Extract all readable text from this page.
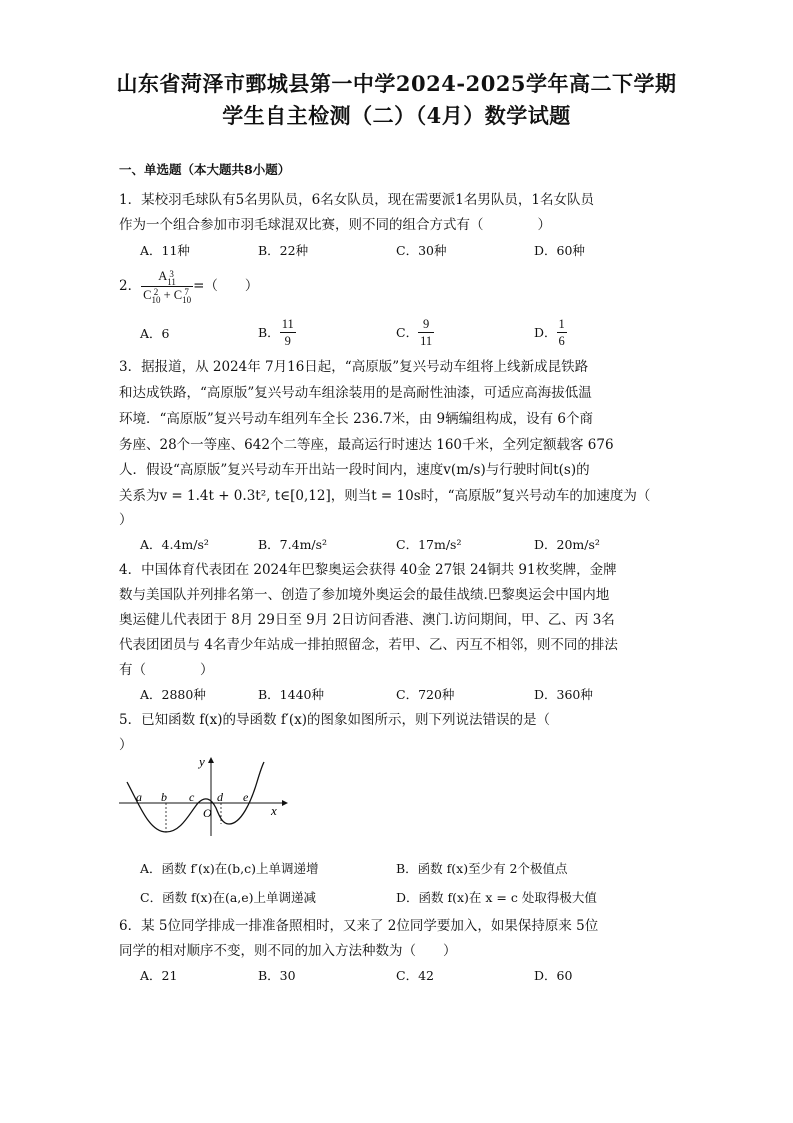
山东省菏泽市鄄城县第一中学2024-2025学年高二下学期
学生自主检测（二）（4月）数学试题
一、单选题（本大题共8小题）
1．某校羽毛球队有5名男队员，6名女队员，现在需要派1名男队员，1名女队员
作为一个组合参加市羽毛球混双比赛，则不同的组合方式有（　　　　）
A．11种	B．22种	C．30种	D．60种
2． A 3
11
C 2
10 + C 7
10 =（　　）
A．6	B． $\frac{11}{9}$	C． $\frac{9}{11}$	D． $\frac{1}{6}$
3．据报道，从 2024年 7月16日起，“高原版”复兴号动车组将上线新成昆铁路
和达成铁路，“高原版”复兴号动车组涂装用的是高耐性油漆，可适应高海拔低温
环境．“高原版”复兴号动车组列车全长 236.7米，由 9辆编组构成，设有 6个商
务座、28个一等座、642个二等座，最高运行时速达 160千米，全列定额载客 676
人．假设“高原版”复兴号动车开出站一段时间内，速度v(m/s)与行驶时间t(s)的
关系为v = 1.4t + 0.3t², t∈[0,12]，则当t = 10s时，“高原版”复兴号动车的加速度为（
）
A．4.4m/s²	B．7.4m/s²	C．17m/s²	D．20m/s²
4．中国体育代表团在 2024年巴黎奥运会获得 40金 27银 24铜共 91枚奖牌，金牌
数与美国队并列排名第一、创造了参加境外奥运会的最佳战绩.巴黎奥运会中国内地
奥运健儿代表团于 8月 29日至 9月 2日访问香港、澳门.访问期间，甲、乙、丙 3名
代表团团员与 4名青少年站成一排拍照留念，若甲、乙、丙互不相邻，则不同的排法
有（　　　　）
A．2880种	B．1440种	C．720种	D．360种
5．已知函数 f(x)的导函数 f′(x)的图象如图所示，则下列说法错误的是（
）
y
x
a b c d e
O
A．函数 f′(x)在(b,c)上单调递增	B．函数 f(x)至少有 2个极值点
C．函数 f(x)在(a,e)上单调递减	D．函数 f(x)在 x = c 处取得极大值
6．某 5位同学排成一排准备照相时，又来了 2位同学要加入，如果保持原来 5位
同学的相对顺序不变，则不同的加入方法种数为（　　）
A．21	B．30	C．42	D．60
